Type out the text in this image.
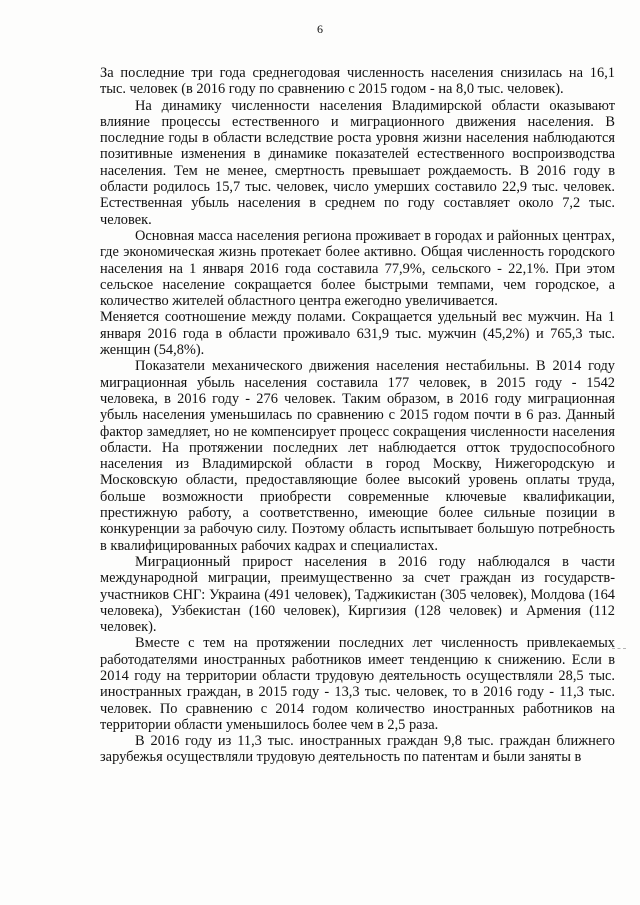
6

За последние три года среднегодовая численность населения снизилась на 16,1 тыс. человек (в 2016 году по сравнению с 2015 годом - на 8,0 тыс. человек).

На динамику численности населения Владимирской области оказывают влияние процессы естественного и миграционного движения населения. В последние годы в области вследствие роста уровня жизни населения наблюдаются позитивные изменения в динамике показателей естественного воспроизводства населения. Тем не менее, смертность превышает рождаемость. В 2016 году в области родилось 15,7 тыс. человек, число умерших составило 22,9 тыс. человек. Естественная убыль населения в среднем по году составляет около 7,2 тыс. человек.

Основная масса населения региона проживает в городах и районных центрах, где экономическая жизнь протекает более активно. Общая численность городского населения на 1 января 2016 года составила 77,9%, сельского - 22,1%. При этом сельское население сокращается более быстрыми темпами, чем городское, а количество жителей областного центра ежегодно увеличивается.

Меняется соотношение между полами. Сокращается удельный вес мужчин. На 1 января 2016 года в области проживало 631,9 тыс. мужчин (45,2%) и 765,3 тыс. женщин (54,8%).

Показатели механического движения населения нестабильны. В 2014 году миграционная убыль населения составила 177 человек, в 2015 году - 1542 человека, в 2016 году - 276 человек. Таким образом, в 2016 году миграционная убыль населения уменьшилась по сравнению с 2015 годом почти в 6 раз. Данный фактор замедляет, но не компенсирует процесс сокращения численности населения области. На протяжении последних лет наблюдается отток трудоспособного населения из Владимирской области в город Москву, Нижегородскую и Московскую области, предоставляющие более высокий уровень оплаты труда, больше возможности приобрести современные ключевые квалификации, престижную работу, а соответственно, имеющие более сильные позиции в конкуренции за рабочую силу. Поэтому область испытывает большую потребность в квалифицированных рабочих кадрах и специалистах.

Миграционный прирост населения в 2016 году наблюдался в части международной миграции, преимущественно за счет граждан из государств-участников СНГ: Украина (491 человек), Таджикистан (305 человек), Молдова (164 человека), Узбекистан (160 человек), Киргизия (128 человек) и Армения (112 человек).

Вместе с тем на протяжении последних лет численность привлекаемых работодателями иностранных работников имеет тенденцию к снижению. Если в 2014 году на территории области трудовую деятельность осуществляли 28,5 тыс. иностранных граждан, в 2015 году - 13,3 тыс. человек, то в 2016 году - 11,3 тыс. человек. По сравнению с 2014 годом количество иностранных работников на территории области уменьшилось более чем в 2,5 раза.

В 2016 году из 11,3 тыс. иностранных граждан 9,8 тыс. граждан ближнего зарубежья осуществляли трудовую деятельность по патентам и были заняты в
